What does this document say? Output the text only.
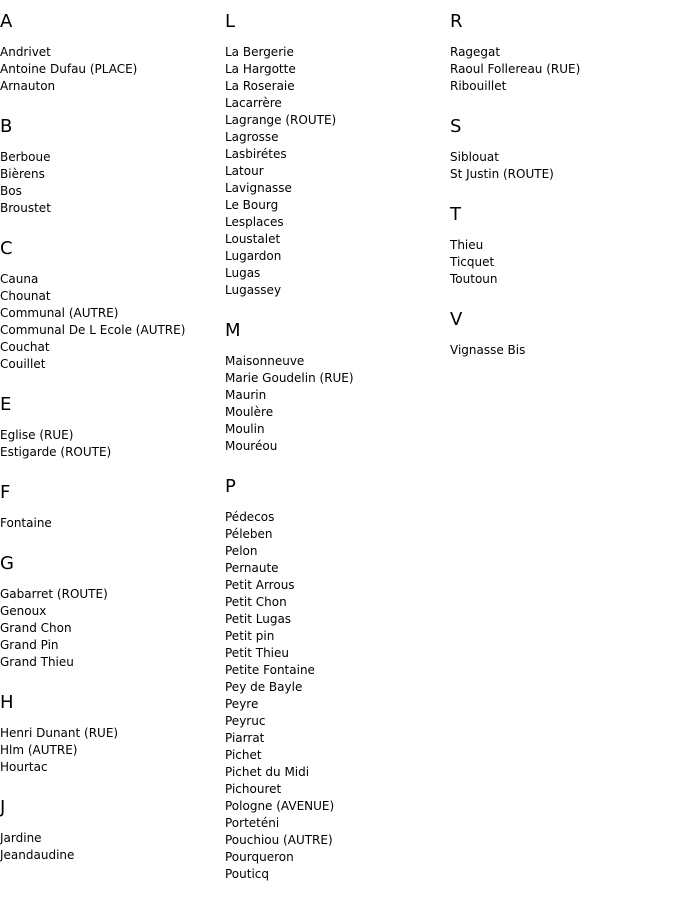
A
Andrivet
Antoine Dufau (PLACE)
Arnauton
B
Berboue
Bièrens
Bos
Broustet
C
Cauna
Chounat
Communal (AUTRE)
Communal De L Ecole (AUTRE)
Couchat
Couillet
E
Eglise (RUE)
Estigarde (ROUTE)
F
Fontaine
G
Gabarret (ROUTE)
Genoux
Grand Chon
Grand Pin
Grand Thieu
H
Henri Dunant (RUE)
Hlm (AUTRE)
Hourtac
J
Jardine
Jeandaudine
L
La Bergerie
La Hargotte
La Roseraie
Lacarrère
Lagrange (ROUTE)
Lagrosse
Lasbirétes
Latour
Lavignasse
Le Bourg
Lesplaces
Loustalet
Lugardon
Lugas
Lugassey
M
Maisonneuve
Marie Goudelin (RUE)
Maurin
Moulère
Moulin
Mouréou
P
Pédecos
Péleben
Pelon
Pernaute
Petit Arrous
Petit Chon
Petit Lugas
Petit pin
Petit Thieu
Petite Fontaine
Pey de Bayle
Peyre
Peyruc
Piarrat
Pichet
Pichet du Midi
Pichouret
Pologne (AVENUE)
Porteténi
Pouchiou (AUTRE)
Pourqueron
Pouticq
R
Ragegat
Raoul Follereau (RUE)
Ribouillet
S
Siblouat
St Justin (ROUTE)
T
Thieu
Ticquet
Toutoun
V
Vignasse Bis
